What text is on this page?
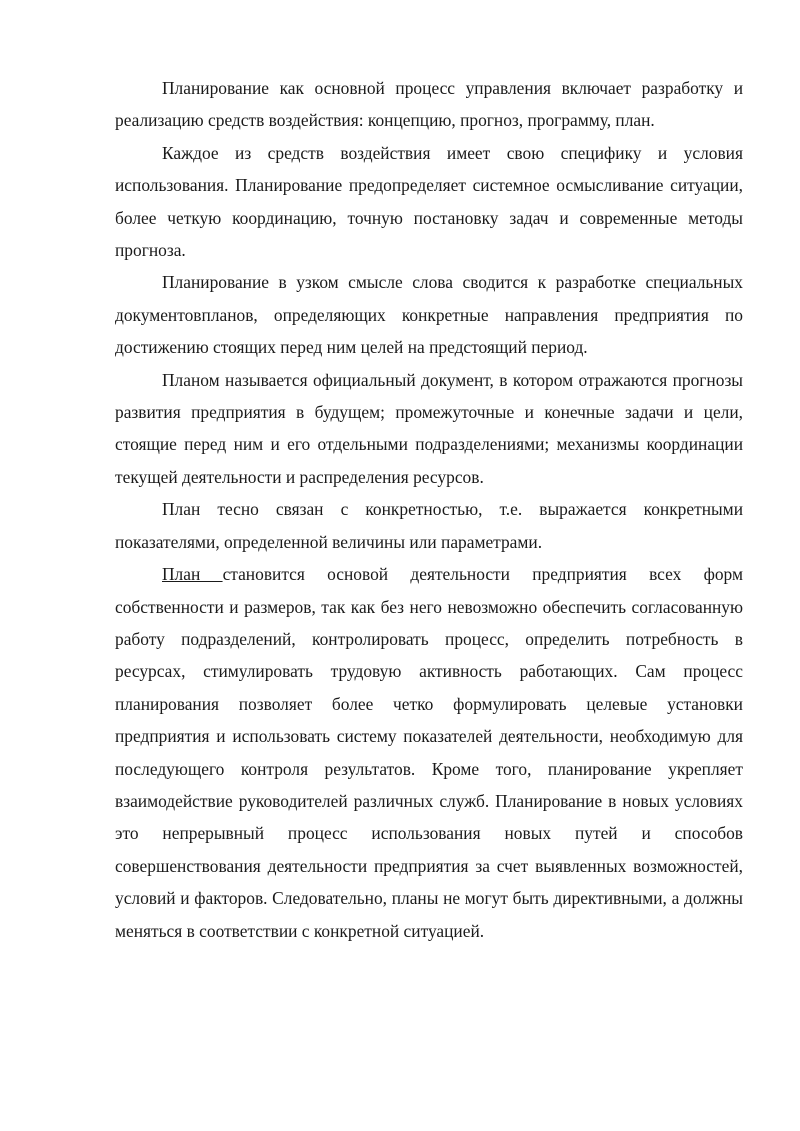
Планирование как основной процесс управления включает разработку и реализацию средств воздействия: концепцию, прогноз, программу, план.

Каждое из средств воздействия имеет свою специфику и условия использования. Планирование предопределяет системное осмысливание ситуации, более четкую координацию, точную постановку задач и современные методы прогноза.

Планирование в узком смысле слова сводится к разработке специальных документовпланов, определяющих конкретные направления предприятия по достижению стоящих перед ним целей на предстоящий период.

Планом называется официальный документ, в котором отражаются прогнозы развития предприятия в будущем; промежуточные и конечные задачи и цели, стоящие перед ним и его отдельными подразделениями; механизмы координации текущей деятельности и распределения ресурсов.

План тесно связан с конкретностью, т.е. выражается конкретными показателями, определенной величины или параметрами.

План становится основой деятельности предприятия всех форм собственности и размеров, так как без него невозможно обеспечить согласованную работу подразделений, контролировать процесс, определить потребность в ресурсах, стимулировать трудовую активность работающих. Сам процесс планирования позволяет более четко формулировать целевые установки предприятия и использовать систему показателей деятельности, необходимую для последующего контроля результатов. Кроме того, планирование укрепляет взаимодействие руководителей различных служб. Планирование в новых условиях это непрерывный процесс использования новых путей и способов совершенствования деятельности предприятия за счет выявленных возможностей, условий и факторов. Следовательно, планы не могут быть директивными, а должны меняться в соответствии с конкретной ситуацией.
